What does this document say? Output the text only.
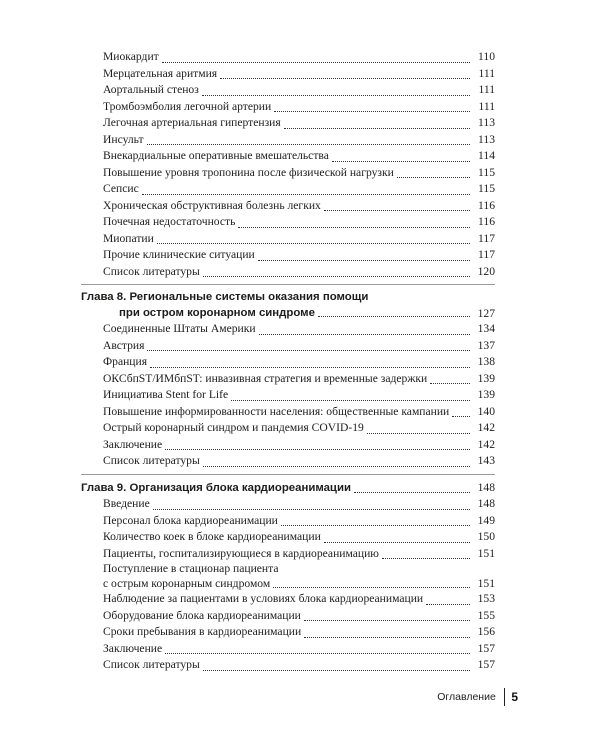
Миокардит	110
Мерцательная аритмия	111
Аортальный стеноз	111
Тромбоэмболия легочной артерии	111
Легочная артериальная гипертензия	113
Инсульт	113
Внекардиальные оперативные вмешательства	114
Повышение уровня тропонина после физической нагрузки	115
Сепсис	115
Хроническая обструктивная болезнь легких	116
Почечная недостаточность	116
Миопатии	117
Прочие клинические ситуации	117
Список литературы	120
Глава 8. Региональные системы оказания помощи
при остром коронарном синдроме	127
Соединенные Штаты Америки	134
Австрия	137
Франция	138
ОКСбпST/ИМбпST: инвазивная стратегия и временные задержки	139
Инициатива Stent for Life	139
Повышение информированности населения: общественные кампании	140
Острый коронарный синдром и пандемия COVID-19	142
Заключение	142
Список литературы	143
Глава 9. Организация блока кардиореанимации	148
Введение	148
Персонал блока кардиореанимации	149
Количество коек в блоке кардиореанимации	150
Пациенты, госпитализирующиеся в кардиореанимацию	151
Поступление в стационар пациента
с острым коронарным синдромом	151
Наблюдение за пациентами в условиях блока кардиореанимации	153
Оборудование блока кардиореанимации	155
Сроки пребывания в кардиореанимации	156
Заключение	157
Список литературы	157
Оглавление 5
